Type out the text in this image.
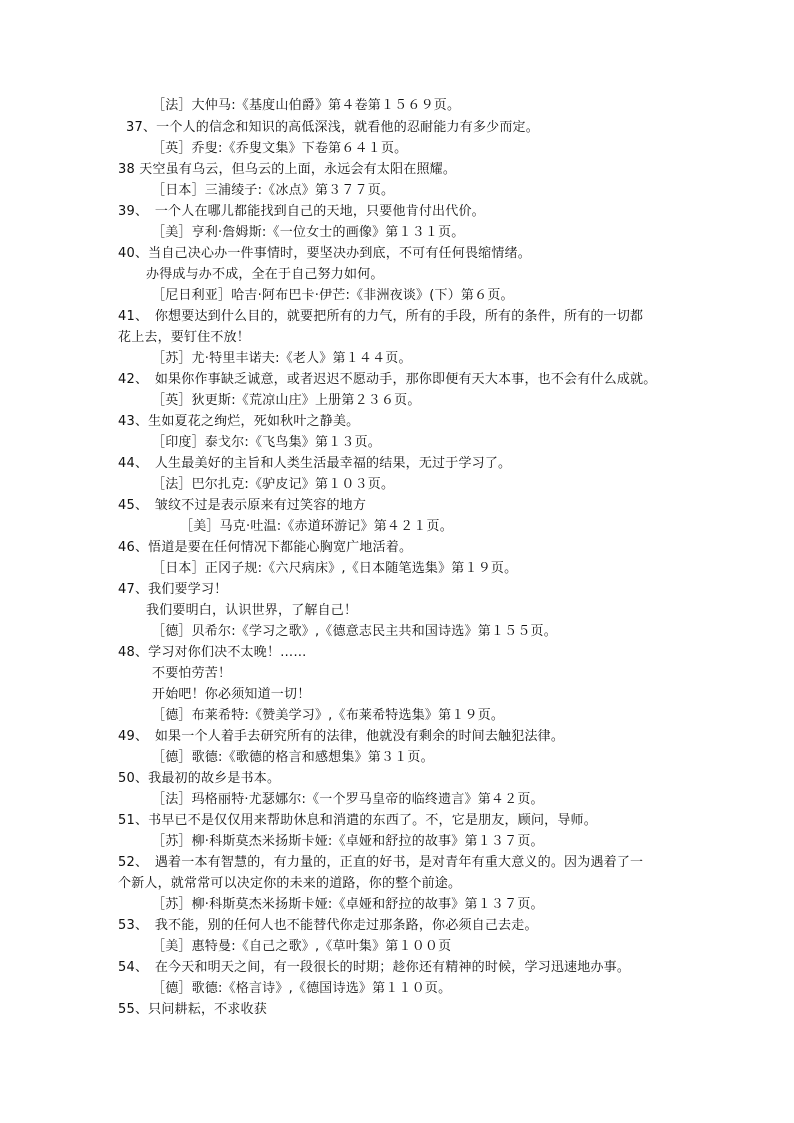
［法］大仲马:《基度山伯爵》第４卷第１５６９页。
37、一个人的信念和知识的高低深浅，就看他的忍耐能力有多少而定。
［英］乔叟:《乔叟文集》下卷第６４１页。
38 天空虽有乌云，但乌云的上面，永远会有太阳在照耀。
［日本］三浦绫子:《冰点》第３７７页。
39、　一个人在哪儿都能找到自己的天地，只要他肯付出代价。
［美］亨利·詹姆斯:《一位女士的画像》第１３１页。
40、当自己决心办一件事情时，要坚决办到底，不可有任何畏缩情绪。
办得成与办不成，全在于自己努力如何。
［尼日利亚］哈吉·阿布巴卡·伊芒:《非洲夜谈》(下）第６页。
41、　你想要达到什么目的，就要把所有的力气，所有的手段，所有的条件，所有的一切都
花上去，要钉住不放！
［苏］尤·特里丰诺夫:《老人》第１４４页。
42、　如果你作事缺乏诚意，或者迟迟不愿动手，那你即便有天大本事，也不会有什么成就。
［英］狄更斯:《荒凉山庄》上册第２３６页。
43、生如夏花之绚烂，死如秋叶之静美。
［印度］泰戈尔:《飞鸟集》第１３页。
44、　人生最美好的主旨和人类生活最幸福的结果，无过于学习了。
［法］巴尔扎克:《驴皮记》第１０３页。
45、　皱纹不过是表示原来有过笑容的地方
［美］马克·吐温:《赤道环游记》第４２１页。
46、悟道是要在任何情况下都能心胸宽广地活着。
［日本］正冈子规:《六尺病床》,《日本随笔选集》第１９页。
47、我们要学习！
我们要明白，认识世界，了解自己！
［德］贝希尔:《学习之歌》,《德意志民主共和国诗选》第１５５页。
48、学习对你们决不太晚！……
不要怕劳苦！
开始吧！你必须知道一切！
［德］布莱希特:《赞美学习》,《布莱希特选集》第１９页。
49、　如果一个人着手去研究所有的法律，他就没有剩余的时间去触犯法律。
［德］歌德:《歌德的格言和感想集》第３１页。
50、我最初的故乡是书本。
［法］玛格丽特·尤瑟娜尔:《一个罗马皇帝的临终遗言》第４２页。
51、书早已不是仅仅用来帮助休息和消遣的东西了。不，它是朋友，顾问，导师。
［苏］柳·科斯莫杰米扬斯卡娅:《卓娅和舒拉的故事》第１３７页。
52、　遇着一本有智慧的，有力量的，正直的好书，是对青年有重大意义的。因为遇着了一
个新人，就常常可以决定你的未来的道路，你的整个前途。
［苏］柳·科斯莫杰米扬斯卡娅:《卓娅和舒拉的故事》第１３７页。
53、　我不能，别的任何人也不能替代你走过那条路，你必须自己去走。
［美］惠特曼:《自己之歌》,《草叶集》第１００页
54、　在今天和明天之间，有一段很长的时期；趁你还有精神的时候，学习迅速地办事。
［德］歌德:《格言诗》,《德国诗选》第１１０页。
55、只问耕耘，不求收获
